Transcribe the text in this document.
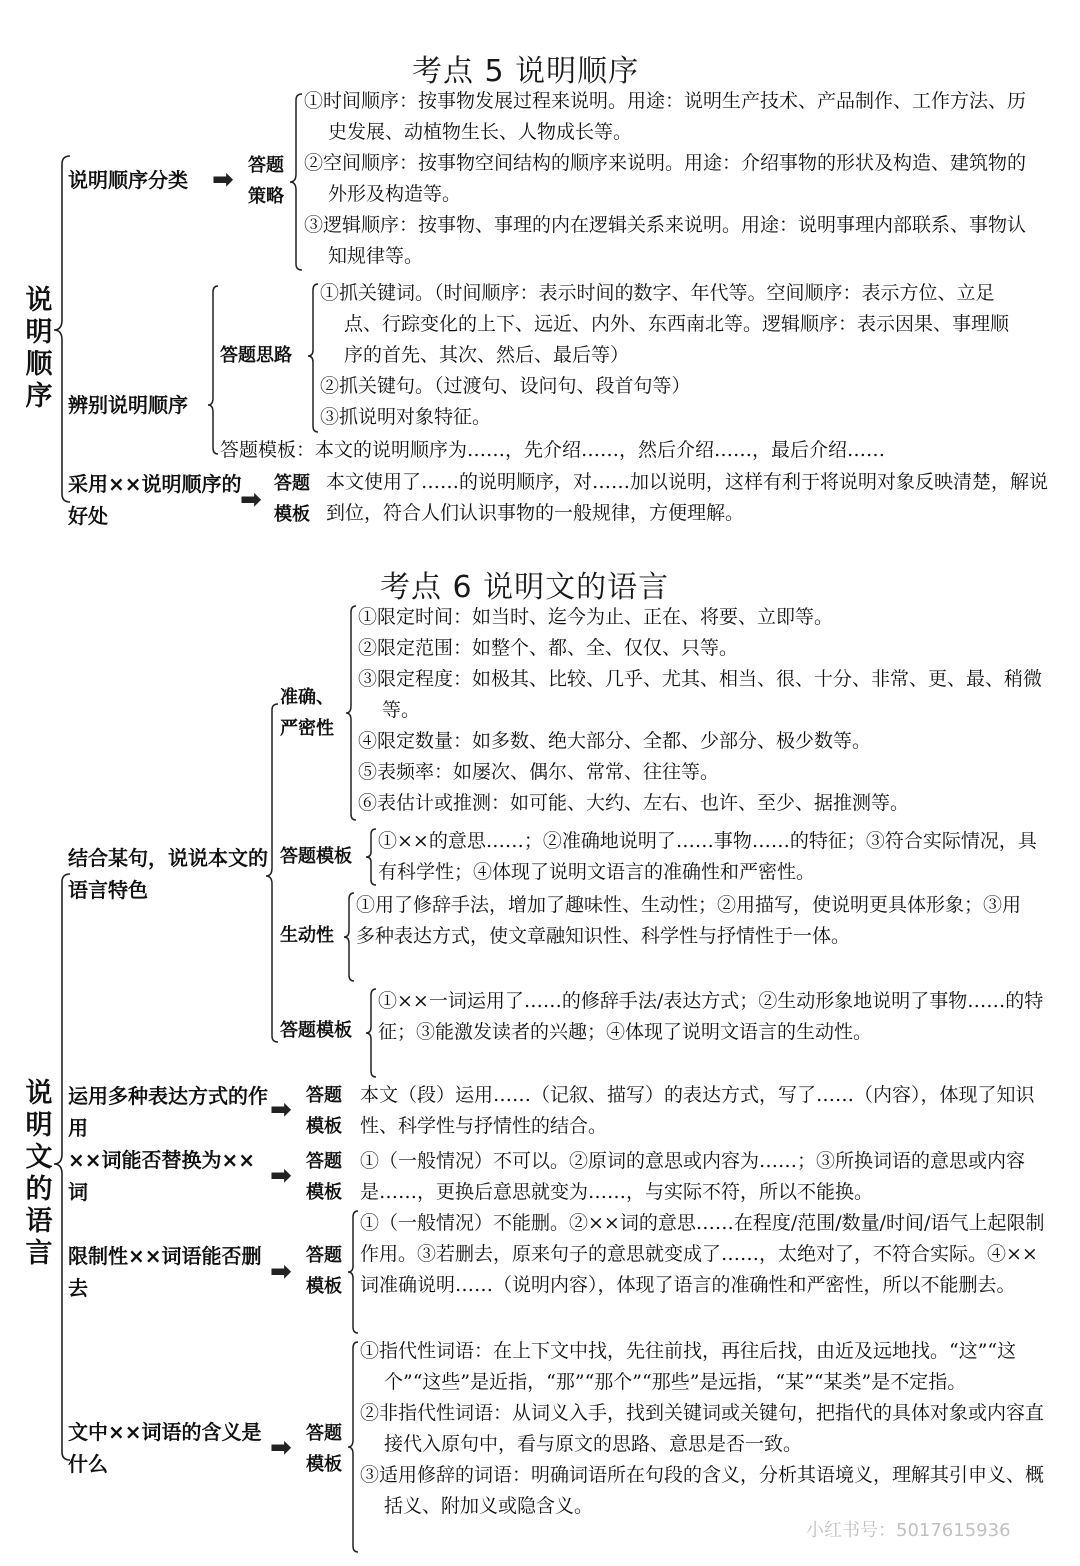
考点 5 说明顺序
说明顺序
说明顺序分类 ➡ 答题策略

①时间顺序：按事物发展过程来说明。用途：说明生产技术、产品制作、工作方法、历史发展、动植物生长、人物成长等。

②空间顺序：按事物空间结构的顺序来说明。用途：介绍事物的形状及构造、建筑物的外形及构造等。

③逻辑顺序：按事物、事理的内在逻辑关系来说明。用途：说明事理内部联系、事物认知规律等。

辨别说明顺序
答题思路

①抓关键词。（时间顺序：表示时间的数字、年代等。空间顺序：表示方位、立足点、行踪变化的上下、远近、内外、东西南北等。逻辑顺序：表示因果、事理顺序的首先、其次、然后、最后等）

②抓关键句。（过渡句、设问句、段首句等）

③抓说明对象特征。

答题模板：本文的说明顺序为……，先介绍……，然后介绍……，最后介绍……
采用××说明顺序的好处
➡
答题模板
本文使用了……的说明顺序，对……加以说明，这样有利于将说明对象反映清楚，解说到位，符合人们认识事物的一般规律，方便理解。
考点 6 说明文的语言
说明文的语言
结合某句，说说本文的语言特色
准确、严密性

①限定时间：如当时、迄今为止、正在、将要、立即等。

②限定范围：如整个、都、全、仅仅、只等。

③限定程度：如极其、比较、几乎、尤其、相当、很、十分、非常、更、最、稍微等。

④限定数量：如多数、绝大部分、全都、少部分、极少数等。

⑤表频率：如屡次、偶尔、常常、往往等。

⑥表估计或推测：如可能、大约、左右、也许、至少、据推测等。

答题模板
①××的意思……；②准确地说明了……事物……的特征；③符合实际情况，具有科学性；④体现了说明文语言的准确性和严密性。
生动性
①用了修辞手法，增加了趣味性、生动性；②用描写，使说明更具体形象；③用多种表达方式，使文章融知识性、科学性与抒情性于一体。
答题模板
①××一词运用了……的修辞手法/表达方式；②生动形象地说明了事物……的特征；③能激发读者的兴趣；④体现了说明文语言的生动性。
运用多种表达方式的作用
➡ 答题模板
本文（段）运用……（记叙、描写）的表达方式，写了……（内容），体现了知识性、科学性与抒情性的结合。
××词能否替换为××词
➡ 答题模板
①（一般情况）不可以。②原词的意思或内容为……；③所换词语的意思或内容是……，更换后意思就变为……，与实际不符，所以不能换。
限制性××词语能否删去
➡
答题模板
①（一般情况）不能删。②××词的意思……在程度/范围/数量/时间/语气上起限制作用。③若删去，原来句子的意思就变成了……，太绝对了，不符合实际。④××词准确说明……（说明内容），体现了语言的准确性和严密性，所以不能删去。
文中××词语的含义是什么
➡ 答题模板

①指代性词语：在上下文中找，先往前找，再往后找，由近及远地找。“这”“这个”“这些”是近指，“那”“那个”“那些”是远指，“某”“某类”是不定指。

②非指代性词语：从词义入手，找到关键词或关键句，把指代的具体对象或内容直接代入原句中，看与原文的思路、意思是否一致。

③适用修辞的词语：明确词语所在句段的含义，分析其语境义，理解其引申义、概括义、附加义或隐含义。

小红书号：5017615936
